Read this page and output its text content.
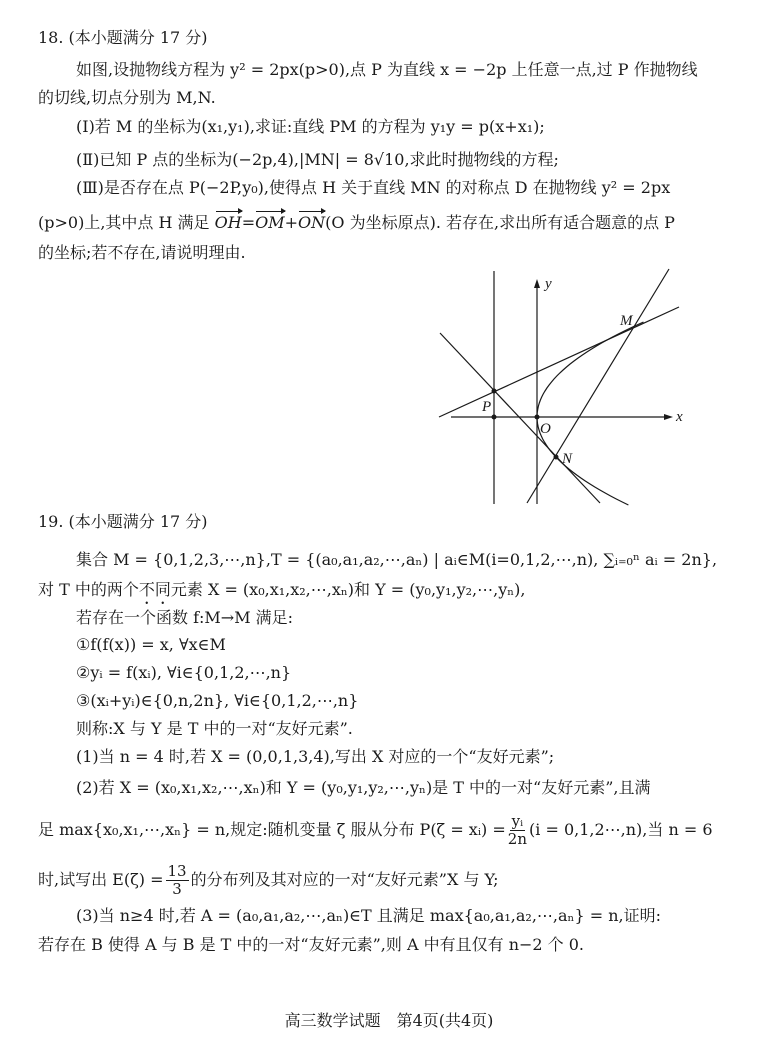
18. (本小题满分 17 分)
如图,设抛物线方程为 y² = 2px(p>0),点 P 为直线 x = −2p 上任意一点,过 P 作抛物线
的切线,切点分别为 M,N.
(Ⅰ)若 M 的坐标为(x₁,y₁),求证:直线 PM 的方程为 y₁y = p(x+x₁);
(Ⅱ)已知 P 点的坐标为(−2p,4),|MN| = 8√10,求此时抛物线的方程;
(Ⅲ)是否存在点 P(−2P,y₀),使得点 H 关于直线 MN 的对称点 D 在抛物线 y² = 2px
(p>0)上,其中点 H 满足 OH=OM+ON(O 为坐标原点). 若存在,求出所有适合题意的点 P
的坐标;若不存在,请说明理由.
y
x
M
P
O
N
19. (本小题满分 17 分)
集合 M = {0,1,2,3,⋯,n},T = {(a₀,a₁,a₂,⋯,aₙ) | aᵢ∈M(i=0,1,2,⋯,n), ∑ᵢ₌₀ⁿ aᵢ = 2n},
对 T 中的两个不同元素 X = (x₀,x₁,x₂,⋯,xₙ)和 Y = (y₀,y₁,y₂,⋯,yₙ),
若存在一个函数 f:M→M 满足:
①f(f(x)) = x, ∀x∈M
②yᵢ = f(xᵢ), ∀i∈{0,1,2,⋯,n}
③(xᵢ+yᵢ)∈{0,n,2n}, ∀i∈{0,1,2,⋯,n}
则称:X 与 Y 是 T 中的一对“友好元素”.
(1)当 n = 4 时,若 X = (0,0,1,3,4),写出 X 对应的一个“友好元素”;
(2)若 X = (x₀,x₁,x₂,⋯,xₙ)和 Y = (y₀,y₁,y₂,⋯,yₙ)是 T 中的一对“友好元素”,且满
足 max{x₀,x₁,⋯,xₙ} = n,规定:随机变量 ζ 服从分布 P(ζ = xᵢ) = $\frac{\text{yᵢ}}{2n} (i$ = 0,1,2⋯,n),当 n = 6
时,试写出 $E(\zeta) = \frac{13}{3}$ 的分布列及其对应的一对“友好元素”X 与 Y;
(3)当 n≥4 时,若 A = (a₀,a₁,a₂,⋯,aₙ)∈T 且满足 max{a₀,a₁,a₂,⋯,aₙ} = n,证明:
若存在 B 使得 A 与 B 是 T 中的一对“友好元素”,则 A 中有且仅有 n−2 个 0.
高三数学试题　第4页(共4页)
